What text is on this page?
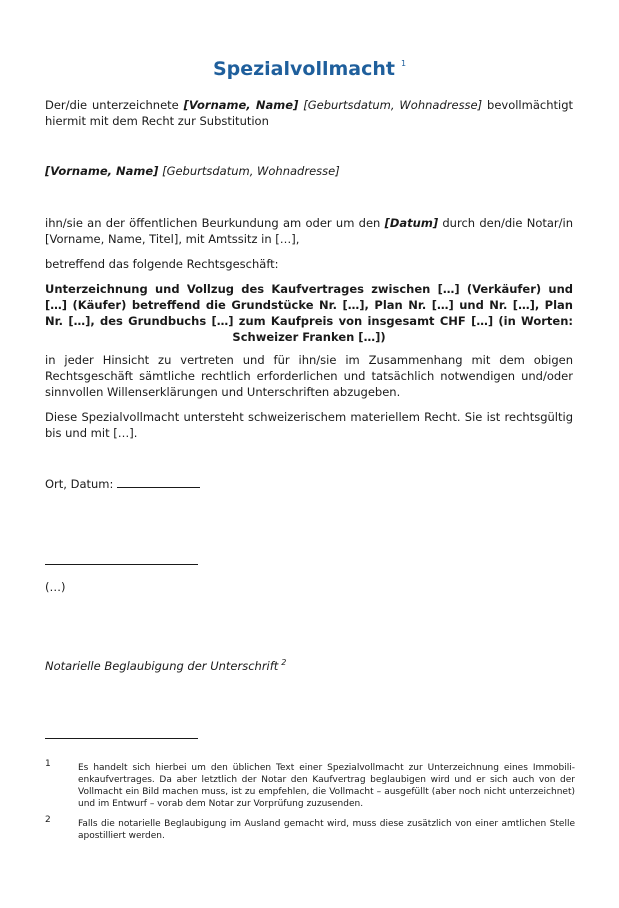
Spezialvollmacht $^1$
Der/die unterzeichnete [Vorname, Name] [Geburtsdatum, Wohnadresse] bevollmächtigt hiermit mit dem Recht zur Substitution
[Vorname, Name] [Geburtsdatum, Wohnadresse]
ihn/sie an der öffentlichen Beurkundung am oder um den [Datum] durch den/die Notar/in [Vorname, Name, Titel], mit Amtssitz in […],
betreffend das folgende Rechtsgeschäft:
Unterzeichnung und Vollzug des Kaufvertrages zwischen […] (Verkäufer) und […] (Käufer) betreffend die Grundstücke Nr. […], Plan Nr. […] und Nr. […], Plan Nr. […], des Grundbuchs […] zum Kaufpreis von insgesamt CHF […] (in Worten: Schweizer Franken […])
in jeder Hinsicht zu vertreten und für ihn/sie im Zusammenhang mit dem obigen Rechtsgeschäft sämtliche rechtlich erforderlichen und tatsächlich notwendigen und/oder sinnvollen Willenserklärungen und Unterschriften abzugeben.
Diese Spezialvollmacht untersteht schweizerischem materiellem Recht. Sie ist rechtsgültig bis und mit […].
Ort, Datum:
(…)
Notarielle Beglaubigung der Unterschrift $^2$
1	Es handelt sich hierbei um den üblichen Text einer Spezialvollmacht zur Unterzeichnung eines Immobilienkaufvertrages. Da aber letztlich der Notar den Kaufvertrag beglaubigen wird und er sich auch von der Vollmacht ein Bild machen muss, ist zu empfehlen, die Vollmacht – ausgefüllt (aber noch nicht unterzeichnet) und im Entwurf – vorab dem Notar zur Vorprüfung zuzusenden.
2	Falls die notarielle Beglaubigung im Ausland gemacht wird, muss diese zusätzlich von einer amtlichen Stelle apostilliert werden.
